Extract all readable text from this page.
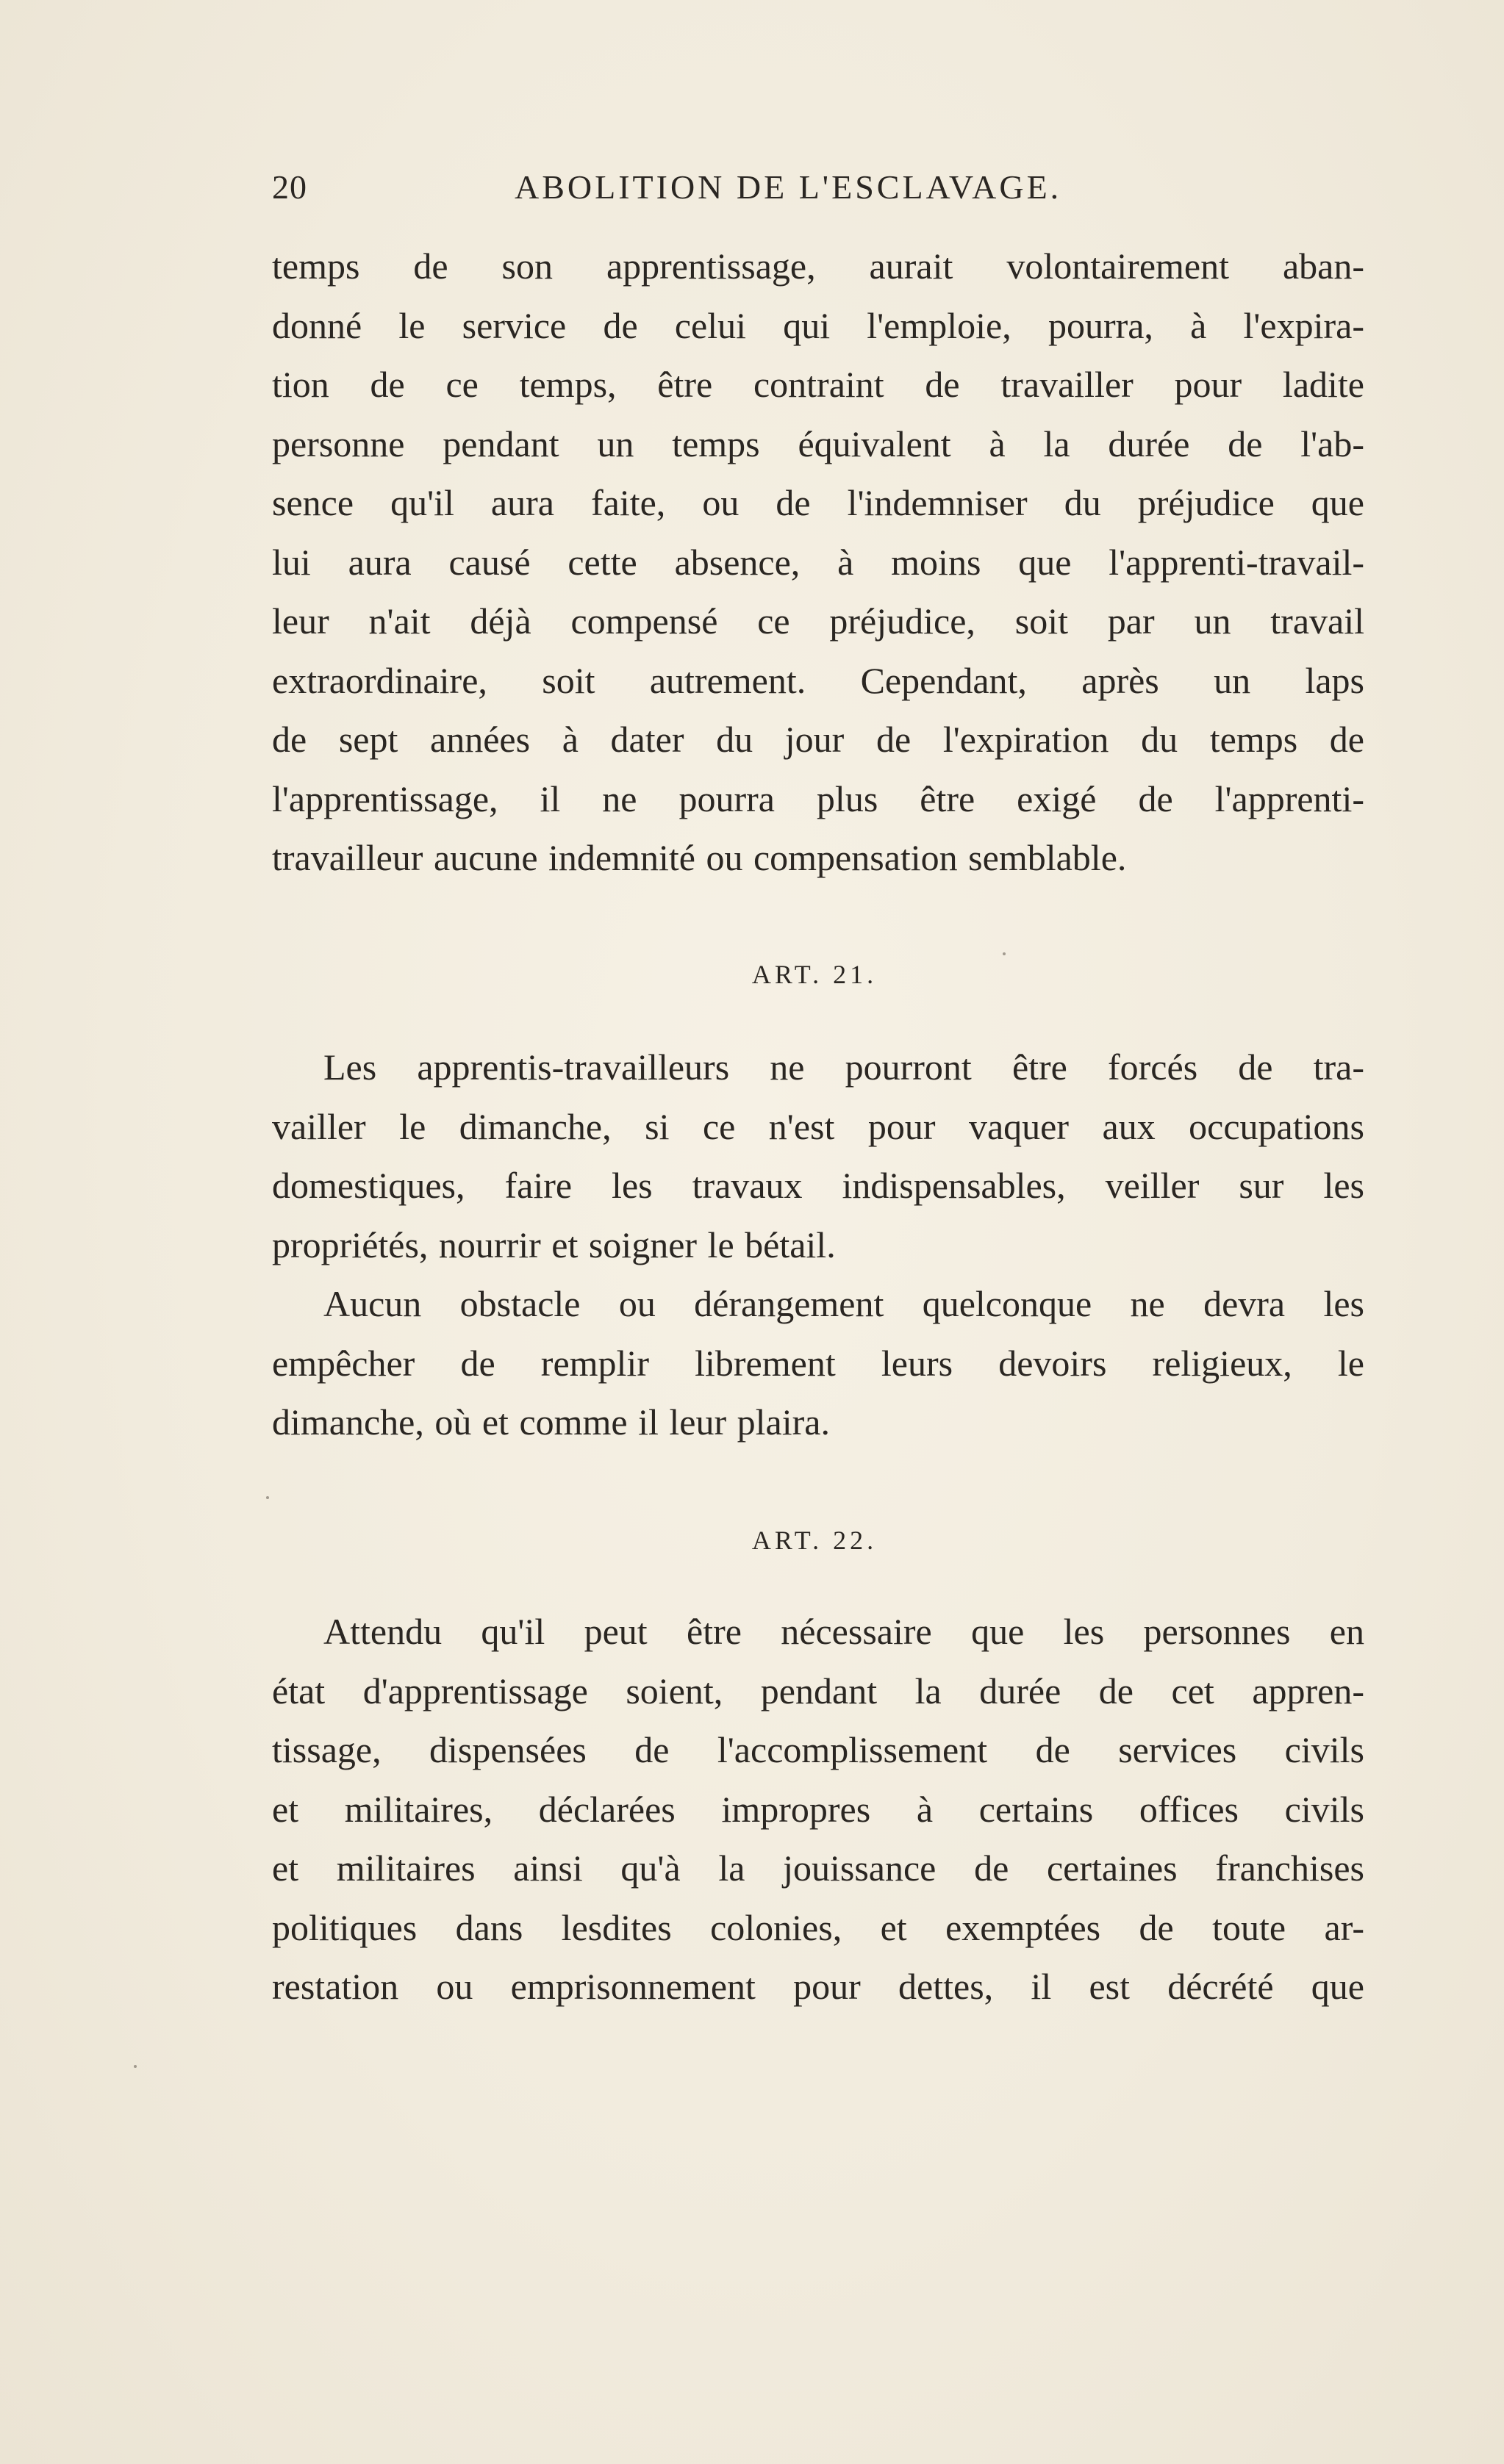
20	ABOLITION DE L'ESCLAVAGE.
temps de son apprentissage, aurait volontairement aban-
donné le service de celui qui l'emploie, pourra, à l'expira-
tion de ce temps, être contraint de travailler pour ladite
personne pendant un temps équivalent à la durée de l'ab-
sence qu'il aura faite, ou de l'indemniser du préjudice que
lui aura causé cette absence, à moins que l'apprenti-travail-
leur n'ait déjà compensé ce préjudice, soit par un travail
extraordinaire, soit autrement. Cependant, après un laps
de sept années à dater du jour de l'expiration du temps de
l'apprentissage, il ne pourra plus être exigé de l'apprenti-
travailleur aucune indemnité ou compensation semblable.
ART. 21.
Les apprentis-travailleurs ne pourront être forcés de tra-
vailler le dimanche, si ce n'est pour vaquer aux occupations
domestiques, faire les travaux indispensables, veiller sur les
propriétés, nourrir et soigner le bétail.
Aucun obstacle ou dérangement quelconque ne devra les
empêcher de remplir librement leurs devoirs religieux, le
dimanche, où et comme il leur plaira.
ART. 22.
Attendu qu'il peut être nécessaire que les personnes en
état d'apprentissage soient, pendant la durée de cet appren-
tissage, dispensées de l'accomplissement de services civils
et militaires, déclarées impropres à certains offices civils
et militaires ainsi qu'à la jouissance de certaines franchises
politiques dans lesdites colonies, et exemptées de toute ar-
restation ou emprisonnement pour dettes, il est décrété que
